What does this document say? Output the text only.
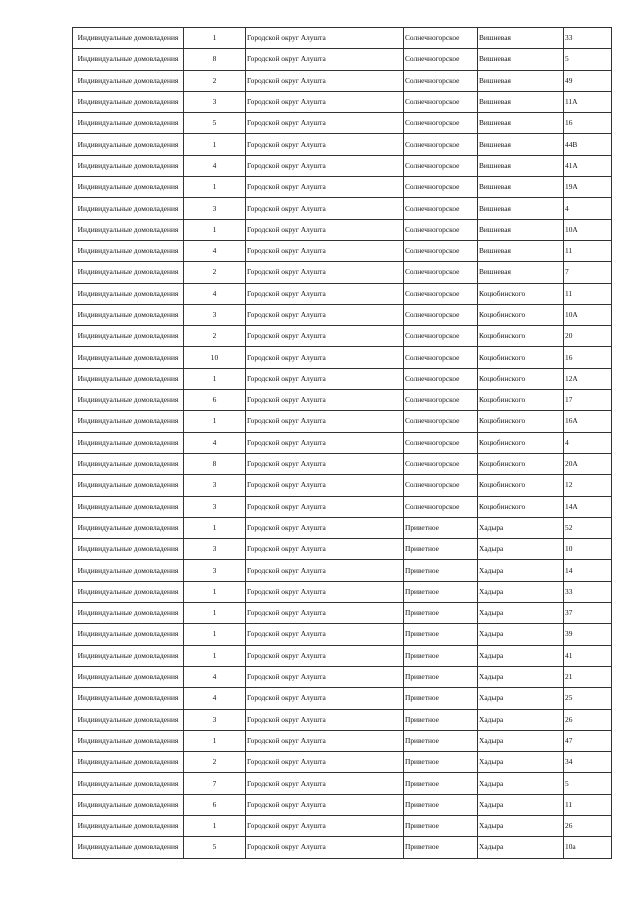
Индивидуальные домовладения	1	Городской округ Алушта	Солнечногорское	Вишневая	33
Индивидуальные домовладения	8	Городской округ Алушта	Солнечногорское	Вишневая	5
Индивидуальные домовладения	2	Городской округ Алушта	Солнечногорское	Вишневая	49
Индивидуальные домовладения	3	Городской округ Алушта	Солнечногорское	Вишневая	11А
Индивидуальные домовладения	5	Городской округ Алушта	Солнечногорское	Вишневая	16
Индивидуальные домовладения	1	Городской округ Алушта	Солнечногорское	Вишневая	44В
Индивидуальные домовладения	4	Городской округ Алушта	Солнечногорское	Вишневая	41А
Индивидуальные домовладения	1	Городской округ Алушта	Солнечногорское	Вишневая	19А
Индивидуальные домовладения	3	Городской округ Алушта	Солнечногорское	Вишневая	4
Индивидуальные домовладения	1	Городской округ Алушта	Солнечногорское	Вишневая	10А
Индивидуальные домовладения	4	Городской округ Алушта	Солнечногорское	Вишневая	11
Индивидуальные домовладения	2	Городской округ Алушта	Солнечногорское	Вишневая	7
Индивидуальные домовладения	4	Городской округ Алушта	Солнечногорское	Коцюбинского	11
Индивидуальные домовладения	3	Городской округ Алушта	Солнечногорское	Коцюбинского	10А
Индивидуальные домовладения	2	Городской округ Алушта	Солнечногорское	Коцюбинского	20
Индивидуальные домовладения	10	Городской округ Алушта	Солнечногорское	Коцюбинского	16
Индивидуальные домовладения	1	Городской округ Алушта	Солнечногорское	Коцюбинского	12А
Индивидуальные домовладения	6	Городской округ Алушта	Солнечногорское	Коцюбинского	17
Индивидуальные домовладения	1	Городской округ Алушта	Солнечногорское	Коцюбинского	16А
Индивидуальные домовладения	4	Городской округ Алушта	Солнечногорское	Коцюбинского	4
Индивидуальные домовладения	8	Городской округ Алушта	Солнечногорское	Коцюбинского	20А
Индивидуальные домовладения	3	Городской округ Алушта	Солнечногорское	Коцюбинского	12
Индивидуальные домовладения	3	Городской округ Алушта	Солнечногорское	Коцюбинского	14А
Индивидуальные домовладения	1	Городской округ Алушта	Приветное	Хадыра	52
Индивидуальные домовладения	3	Городской округ Алушта	Приветное	Хадыра	10
Индивидуальные домовладения	3	Городской округ Алушта	Приветное	Хадыра	14
Индивидуальные домовладения	1	Городской округ Алушта	Приветное	Хадыра	33
Индивидуальные домовладения	1	Городской округ Алушта	Приветное	Хадыра	37
Индивидуальные домовладения	1	Городской округ Алушта	Приветное	Хадыра	39
Индивидуальные домовладения	1	Городской округ Алушта	Приветное	Хадыра	41
Индивидуальные домовладения	4	Городской округ Алушта	Приветное	Хадыра	21
Индивидуальные домовладения	4	Городской округ Алушта	Приветное	Хадыра	25
Индивидуальные домовладения	3	Городской округ Алушта	Приветное	Хадыра	26
Индивидуальные домовладения	1	Городской округ Алушта	Приветное	Хадыра	47
Индивидуальные домовладения	2	Городской округ Алушта	Приветное	Хадыра	34
Индивидуальные домовладения	7	Городской округ Алушта	Приветное	Хадыра	5
Индивидуальные домовладения	6	Городской округ Алушта	Приветное	Хадыра	11
Индивидуальные домовладения	1	Городской округ Алушта	Приветное	Хадыра	26
Индивидуальные домовладения	5	Городской округ Алушта	Приветное	Хадыра	10а
